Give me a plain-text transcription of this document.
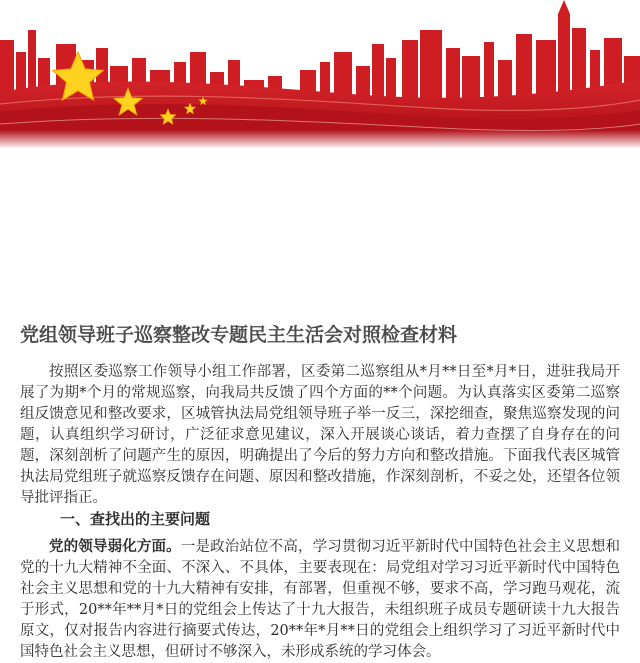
党组领导班子巡察整改专题民主生活会对照检查材料

按照区委巡察工作领导小组工作部署，区委第二巡察组从*月**日至*月*日，进驻我局开展了为期*个月的常规巡察，向我局共反馈了四个方面的**个问题。为认真落实区委第二巡察组反馈意见和整改要求，区城管执法局党组领导班子举一反三，深挖细查，聚焦巡察发现的问题，认真组织学习研讨，广泛征求意见建议，深入开展谈心谈话，着力查摆了自身存在的问题，深刻剖析了问题产生的原因，明确提出了今后的努力方向和整改措施。下面我代表区城管执法局党组班子就巡察反馈存在问题、原因和整改措施，作深刻剖析，不妥之处，还望各位领导批评指正。

一、查找出的主要问题

党的领导弱化方面。一是政治站位不高，学习贯彻习近平新时代中国特色社会主义思想和党的十九大精神不全面、不深入、不具体，主要表现在：局党组对学习习近平新时代中国特色社会主义思想和党的十九大精神有安排，有部署，但重视不够，要求不高，学习跑马观花，流于形式，20**年**月*日的党组会上传达了十九大报告，未组织班子成员专题研读十九大报告原文，仅对报告内容进行摘要式传达，20**年*月**日的党组会上组织学习了习近平新时代中国特色社会主义思想，但研讨不够深入，未形成系统的学习体会。
